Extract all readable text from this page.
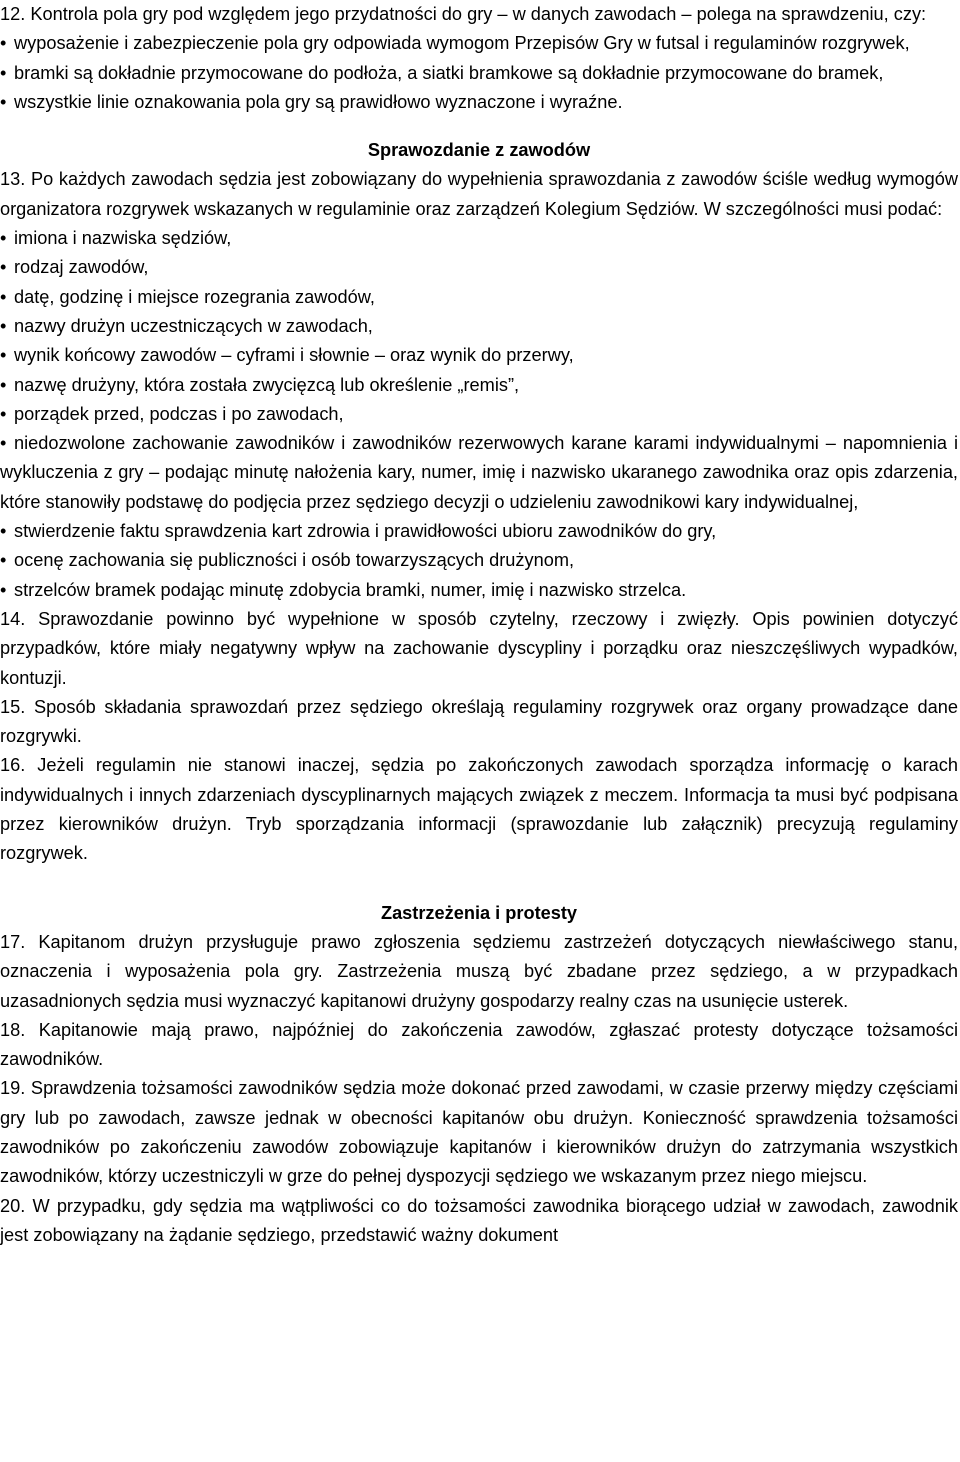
12. Kontrola pola gry pod względem jego przydatności do gry – w danych zawodach – polega na sprawdzeniu, czy:

• wyposażenie i zabezpieczenie pola gry odpowiada wymogom Przepisów Gry w futsal i regulaminów rozgrywek,

• bramki są dokładnie przymocowane do podłoża, a siatki bramkowe są dokładnie przymocowane do bramek,

• wszystkie linie oznakowania pola gry są prawidłowo wyznaczone i wyraźne.

Sprawozdanie z zawodów

13. Po każdych zawodach sędzia jest zobowiązany do wypełnienia sprawozdania z zawodów ściśle według wymogów organizatora rozgrywek wskazanych w regulaminie oraz zarządzeń Kolegium Sędziów. W szczególności musi podać:

• imiona i nazwiska sędziów,

• rodzaj zawodów,

• datę, godzinę i miejsce rozegrania zawodów,

• nazwy drużyn uczestniczących w zawodach,

• wynik końcowy zawodów – cyframi i słownie – oraz wynik do przerwy,

• nazwę drużyny, która została zwycięzcą lub określenie „remis”,

• porządek przed, podczas i po zawodach,

• niedozwolone zachowanie zawodników i zawodników rezerwowych karane karami indywidualnymi – napomnienia i wykluczenia z gry – podając minutę nałożenia kary, numer, imię i nazwisko ukaranego zawodnika oraz opis zdarzenia, które stanowiły podstawę do podjęcia przez sędziego decyzji o udzieleniu zawodnikowi kary indywidualnej,

• stwierdzenie faktu sprawdzenia kart zdrowia i prawidłowości ubioru zawodników do gry,

• ocenę zachowania się publiczności i osób towarzyszących drużynom,

• strzelców bramek podając minutę zdobycia bramki, numer, imię i nazwisko strzelca.

14. Sprawozdanie powinno być wypełnione w sposób czytelny, rzeczowy i zwięzły. Opis powinien dotyczyć przypadków, które miały negatywny wpływ na zachowanie dyscypliny i porządku oraz nieszczęśliwych wypadków, kontuzji.

15. Sposób składania sprawozdań przez sędziego określają regulaminy rozgrywek oraz organy prowadzące dane rozgrywki.

16. Jeżeli regulamin nie stanowi inaczej, sędzia po zakończonych zawodach sporządza informację o karach indywidualnych i innych zdarzeniach dyscyplinarnych mających związek z meczem. Informacja ta musi być podpisana przez kierowników drużyn. Tryb sporządzania informacji (sprawozdanie lub załącznik) precyzują regulaminy rozgrywek.

Zastrzeżenia i protesty

17. Kapitanom drużyn przysługuje prawo zgłoszenia sędziemu zastrzeżeń dotyczących niewłaściwego stanu, oznaczenia i wyposażenia pola gry. Zastrzeżenia muszą być zbadane przez sędziego, a w przypadkach uzasadnionych sędzia musi wyznaczyć kapitanowi drużyny gospodarzy realny czas na usunięcie usterek.

18. Kapitanowie mają prawo, najpóźniej do zakończenia zawodów, zgłaszać protesty dotyczące tożsamości zawodników.

19. Sprawdzenia tożsamości zawodników sędzia może dokonać przed zawodami, w czasie przerwy między częściami gry lub po zawodach, zawsze jednak w obecności kapitanów obu drużyn. Konieczność sprawdzenia tożsamości zawodników po zakończeniu zawodów zobowiązuje kapitanów i kierowników drużyn do zatrzymania wszystkich zawodników, którzy uczestniczyli w grze do pełnej dyspozycji sędziego we wskazanym przez niego miejscu.

20. W przypadku, gdy sędzia ma wątpliwości co do tożsamości zawodnika biorącego udział w zawodach, zawodnik jest zobowiązany na żądanie sędziego, przedstawić ważny dokument
